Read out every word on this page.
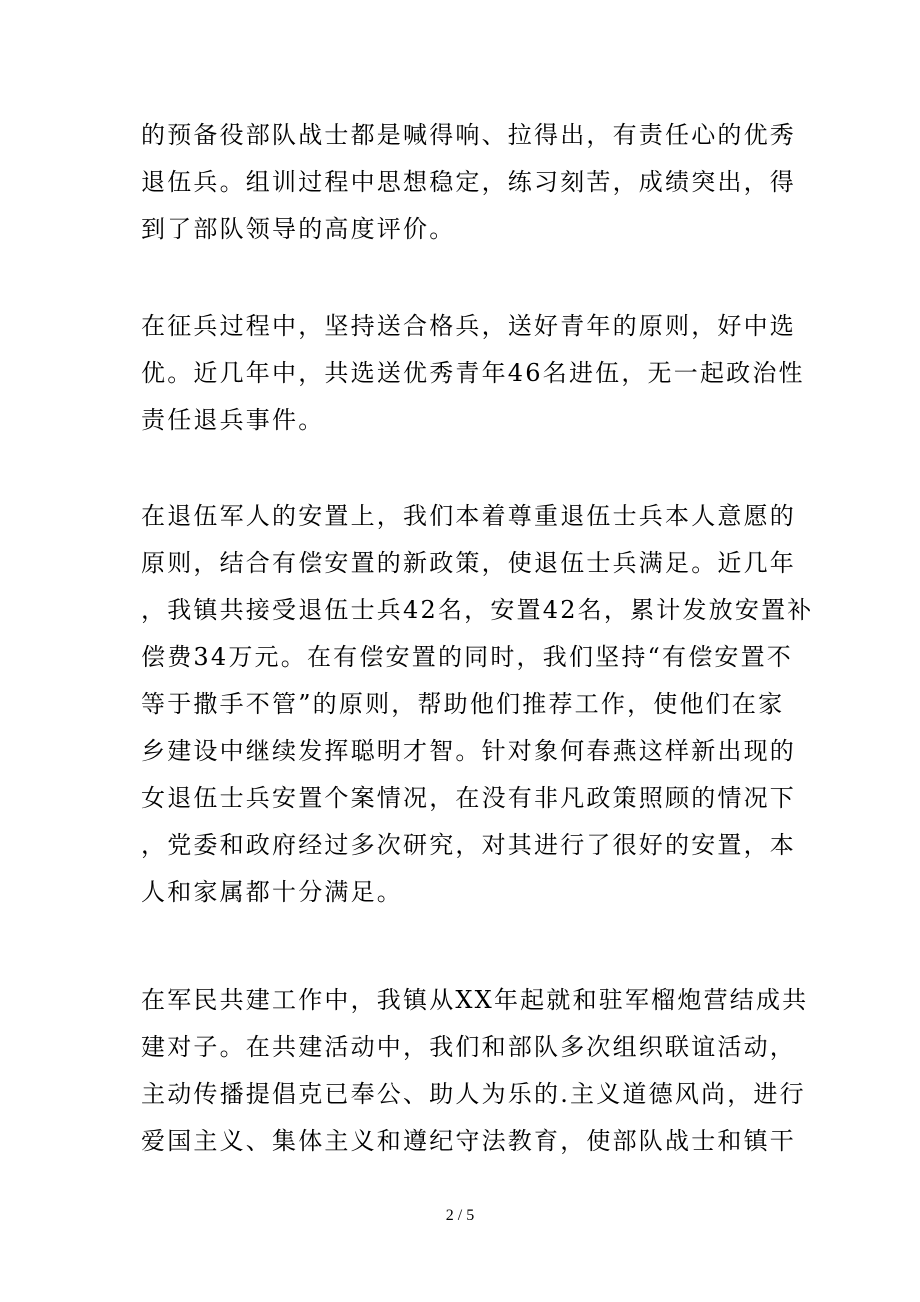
的预备役部队战士都是喊得响、拉得出，有责任心的优秀
退伍兵。组训过程中思想稳定，练习刻苦，成绩突出，得
到了部队领导的高度评价。
在征兵过程中，坚持送合格兵，送好青年的原则，好中选
优。近几年中，共选送优秀青年46名进伍，无一起政治性
责任退兵事件。
在退伍军人的安置上，我们本着尊重退伍士兵本人意愿的
原则，结合有偿安置的新政策，使退伍士兵满足。近几年
，我镇共接受退伍士兵42名，安置42名，累计发放安置补
偿费34万元。在有偿安置的同时，我们坚持“有偿安置不
等于撒手不管”的原则，帮助他们推荐工作，使他们在家
乡建设中继续发挥聪明才智。针对象何春燕这样新出现的
女退伍士兵安置个案情况，在没有非凡政策照顾的情况下
，党委和政府经过多次研究，对其进行了很好的安置，本
人和家属都十分满足。
在军民共建工作中，我镇从XX年起就和驻军榴炮营结成共
建对子。在共建活动中，我们和部队多次组织联谊活动，
主动传播提倡克已奉公、助人为乐的.主义道德风尚，进行
爱国主义、集体主义和遵纪守法教育，使部队战士和镇干
2 / 5
